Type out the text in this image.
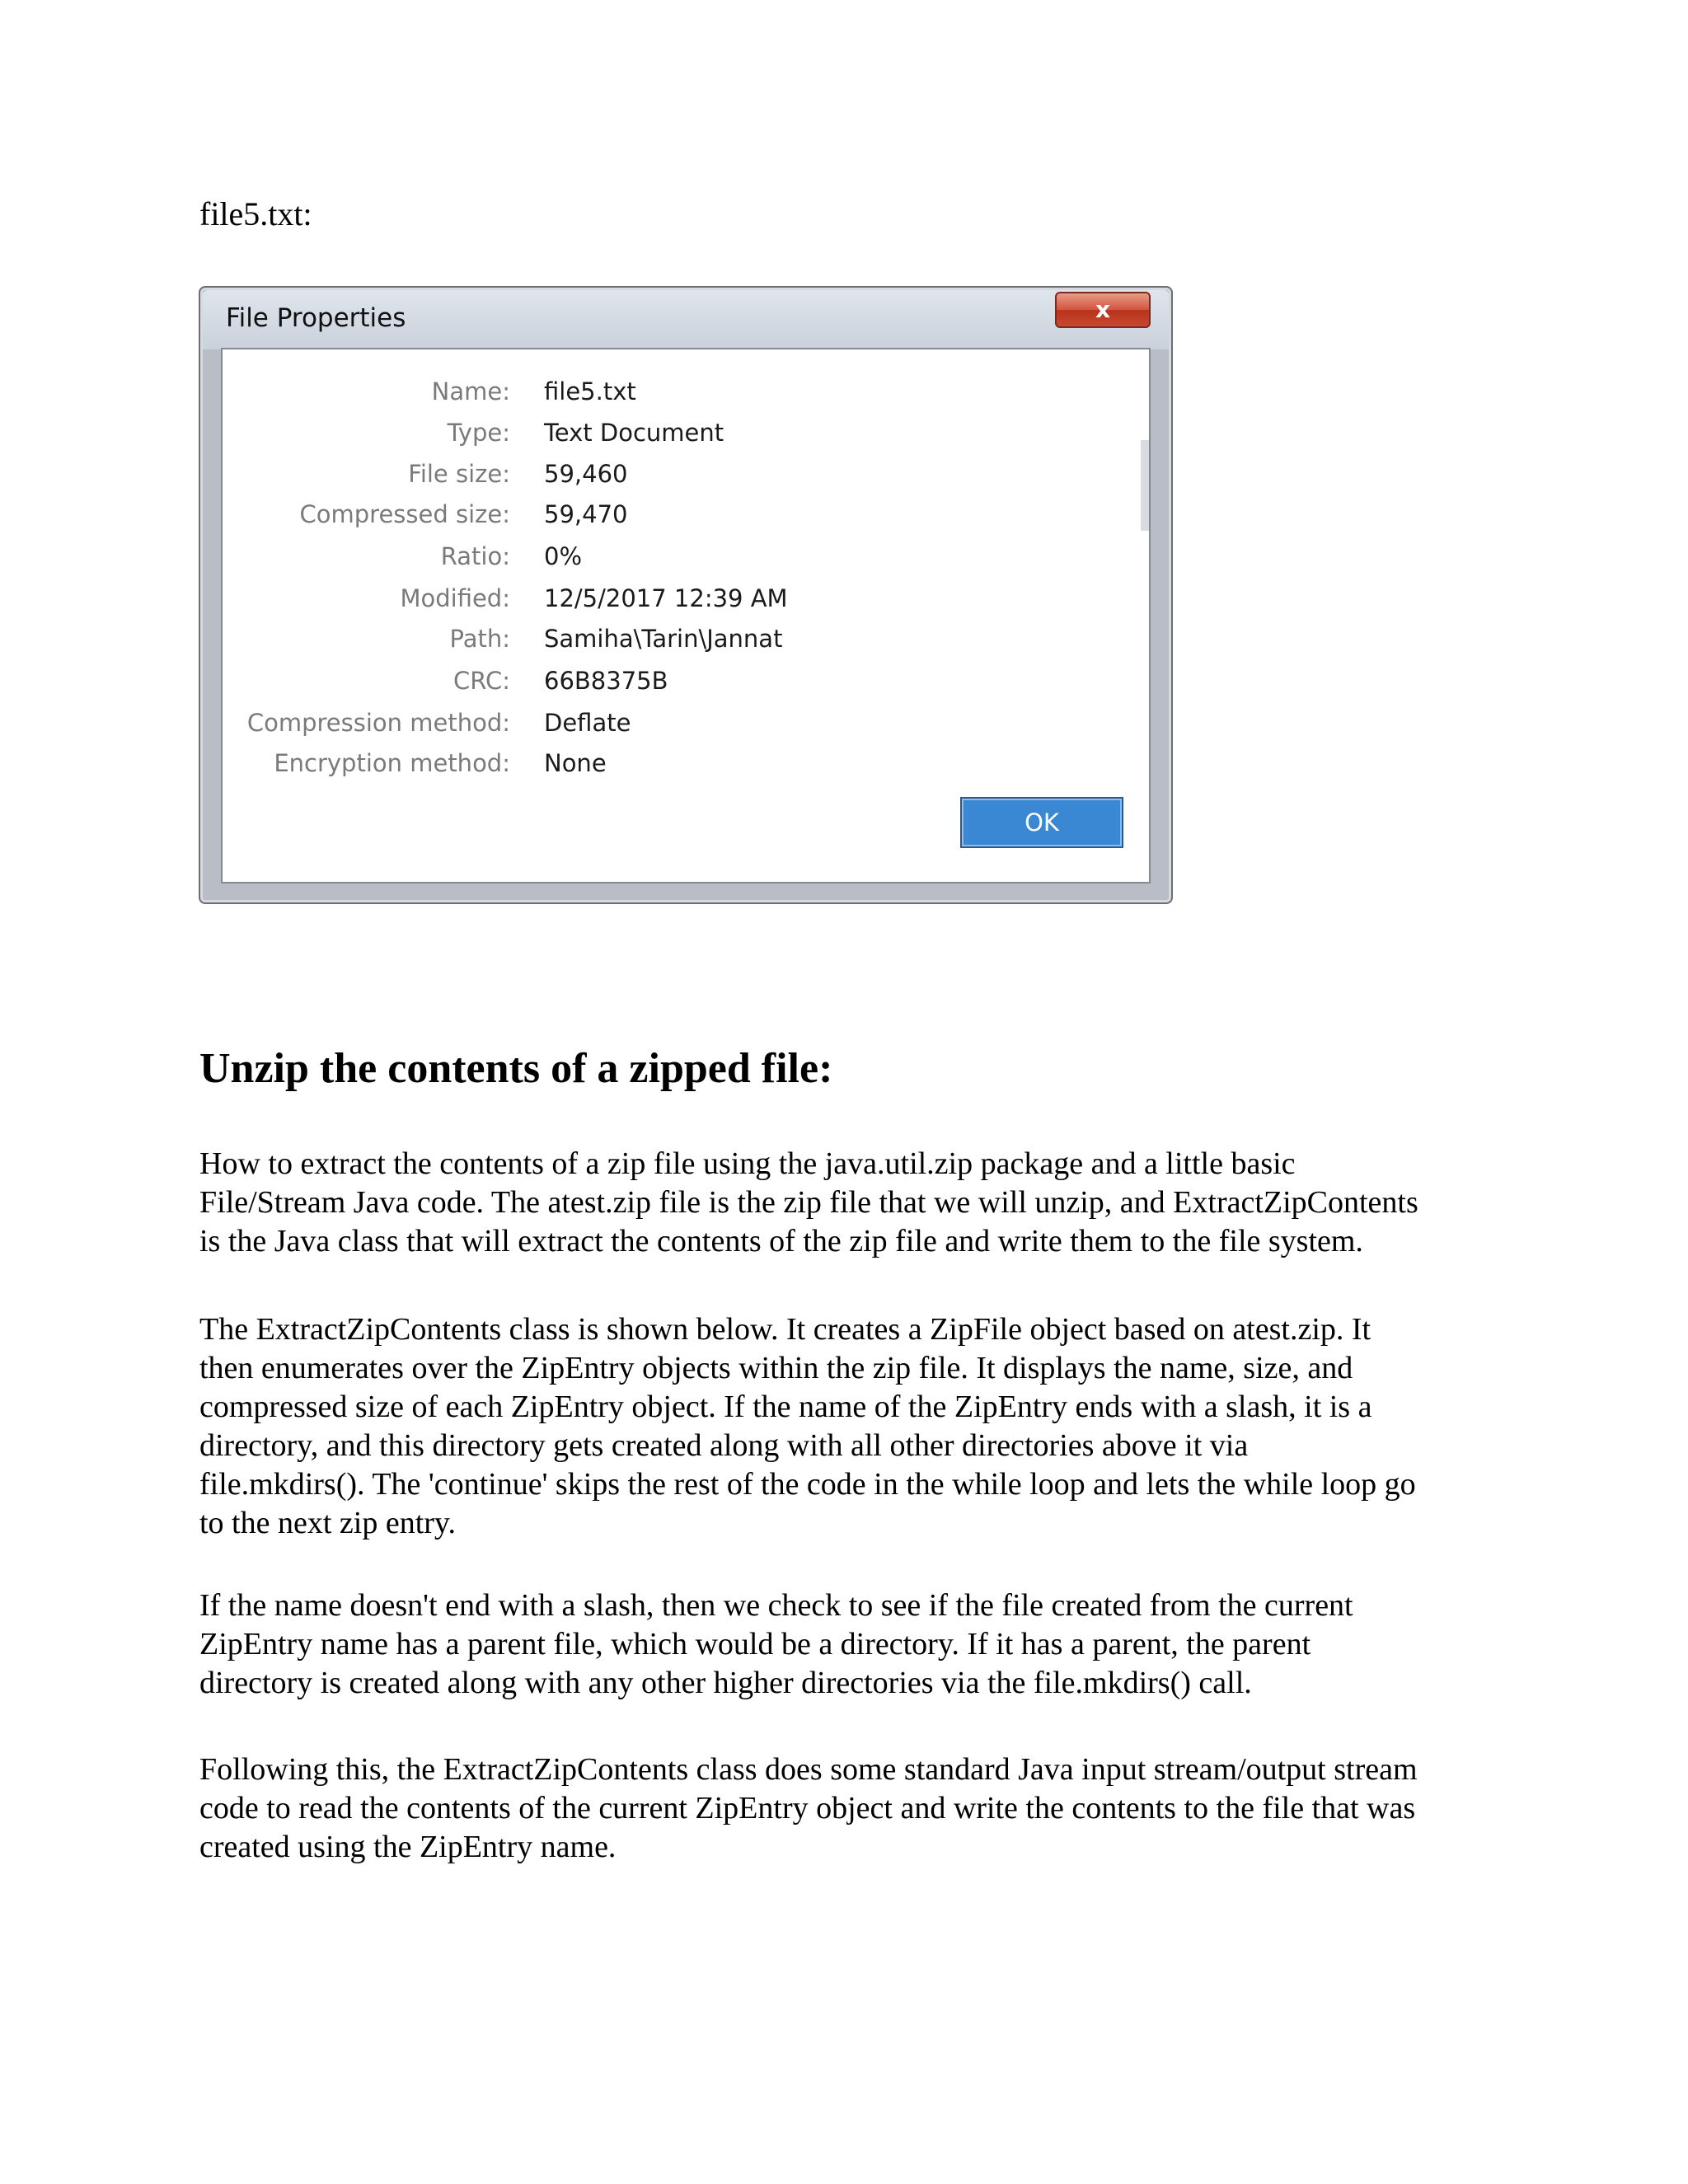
file5.txt:
File Properties	x
Name: file5.txt
Type: Text Document
File size: 59,460
Compressed size: 59,470
Ratio: 0%
Modified: 12/5/2017 12:39 AM
Path: Samiha\Tarin\Jannat
CRC: 66B8375B
Compression method: Deflate
Encryption method: None
OK
Unzip the contents of a zipped file:

How to extract the contents of a zip file using the java.util.zip package and a little basic
File/Stream Java code. The atest.zip file is the zip file that we will unzip, and ExtractZipContents
is the Java class that will extract the contents of the zip file and write them to the file system.

The ExtractZipContents class is shown below. It creates a ZipFile object based on atest.zip. It
then enumerates over the ZipEntry objects within the zip file. It displays the name, size, and
compressed size of each ZipEntry object. If the name of the ZipEntry ends with a slash, it is a
directory, and this directory gets created along with all other directories above it via
file.mkdirs(). The 'continue' skips the rest of the code in the while loop and lets the while loop go
to the next zip entry.

If the name doesn't end with a slash, then we check to see if the file created from the current
ZipEntry name has a parent file, which would be a directory. If it has a parent, the parent
directory is created along with any other higher directories via the file.mkdirs() call.

Following this, the ExtractZipContents class does some standard Java input stream/output stream
code to read the contents of the current ZipEntry object and write the contents to the file that was
created using the ZipEntry name.
